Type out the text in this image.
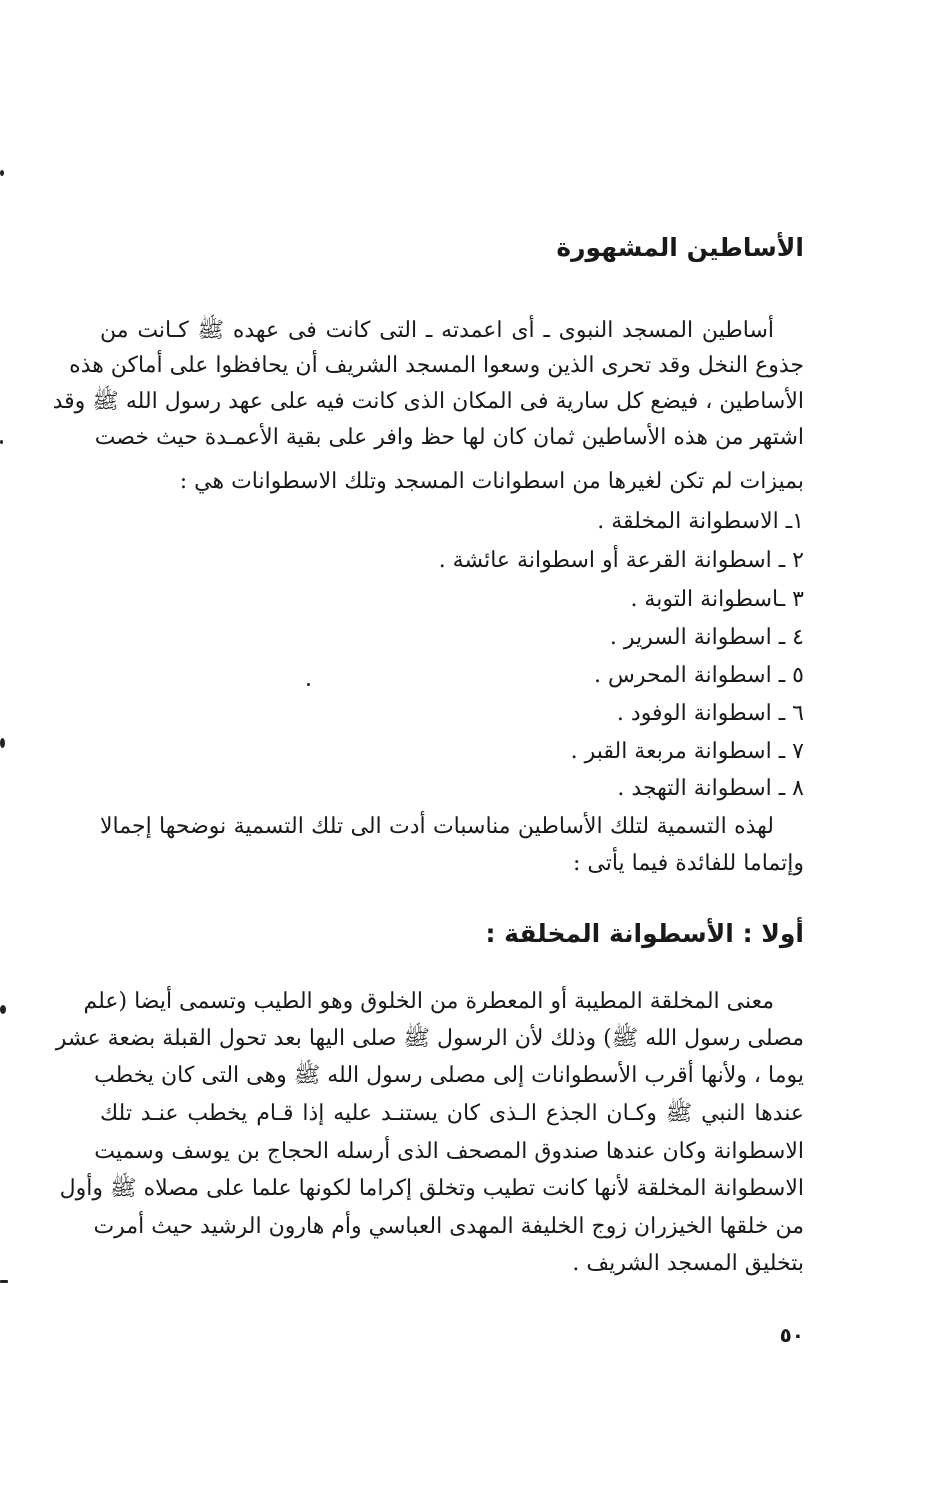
الأساطين المشهورة
أساطين المسجد النبوى ـ أى اعمدته ـ التى كانت فى عهده ﷺ كـانت من
جذوع النخل وقد تحرى الذين وسعوا المسجد الشريف أن يحافظوا على أماكن هذه
الأساطين ، فيضع كل سارية فى المكان الذى كانت فيه على عهد رسول الله ﷺ وقد
اشتهر من هذه الأساطين ثمان كان لها حظ وافر على بقية الأعمـدة حيث خصت
بميزات لم تكن لغيرها من اسطوانات المسجد وتلك الاسطوانات هي :
١ـ الاسطوانة المخلقة .
٢ ـ اسطوانة القرعة أو اسطوانة عائشة .
٣ ـاسطوانة التوبة .
٤ ـ اسطوانة السرير .
٥ ـ اسطوانة المحرس .
٦ ـ اسطوانة الوفود .
٧ ـ اسطوانة مربعة القبر .
٨ ـ اسطوانة التهجد .
لهذه التسمية لتلك الأساطين مناسبات أدت الى تلك التسمية نوضحها إجمالا
وإتماما للفائدة فيما يأتى :
أولا : الأسطوانة المخلقة :
معنى المخلقة المطيبة أو المعطرة من الخلوق وهو الطيب وتسمى أيضا (علم
مصلى رسول الله ﷺ) وذلك لأن الرسول ﷺ صلى اليها بعد تحول القبلة بضعة عشر
يوما ، ولأنها أقرب الأسطوانات إلى مصلى رسول الله ﷺ وهى التى كان يخطب
عندها النبي ﷺ وكـان الجذع الـذى كان يستنـد عليه إذا قـام يخطب عنـد تلك
الاسطوانة وكان عندها صندوق المصحف الذى أرسله الحجاج بن يوسف وسميت
الاسطوانة المخلقة لأنها كانت تطيب وتخلق إكراما لكونها علما على مصلاه ﷺ وأول
من خلقها الخيزران زوج الخليفة المهدى العباسي وأم هارون الرشيد حيث أمرت
بتخليق المسجد الشريف .
٥٠
